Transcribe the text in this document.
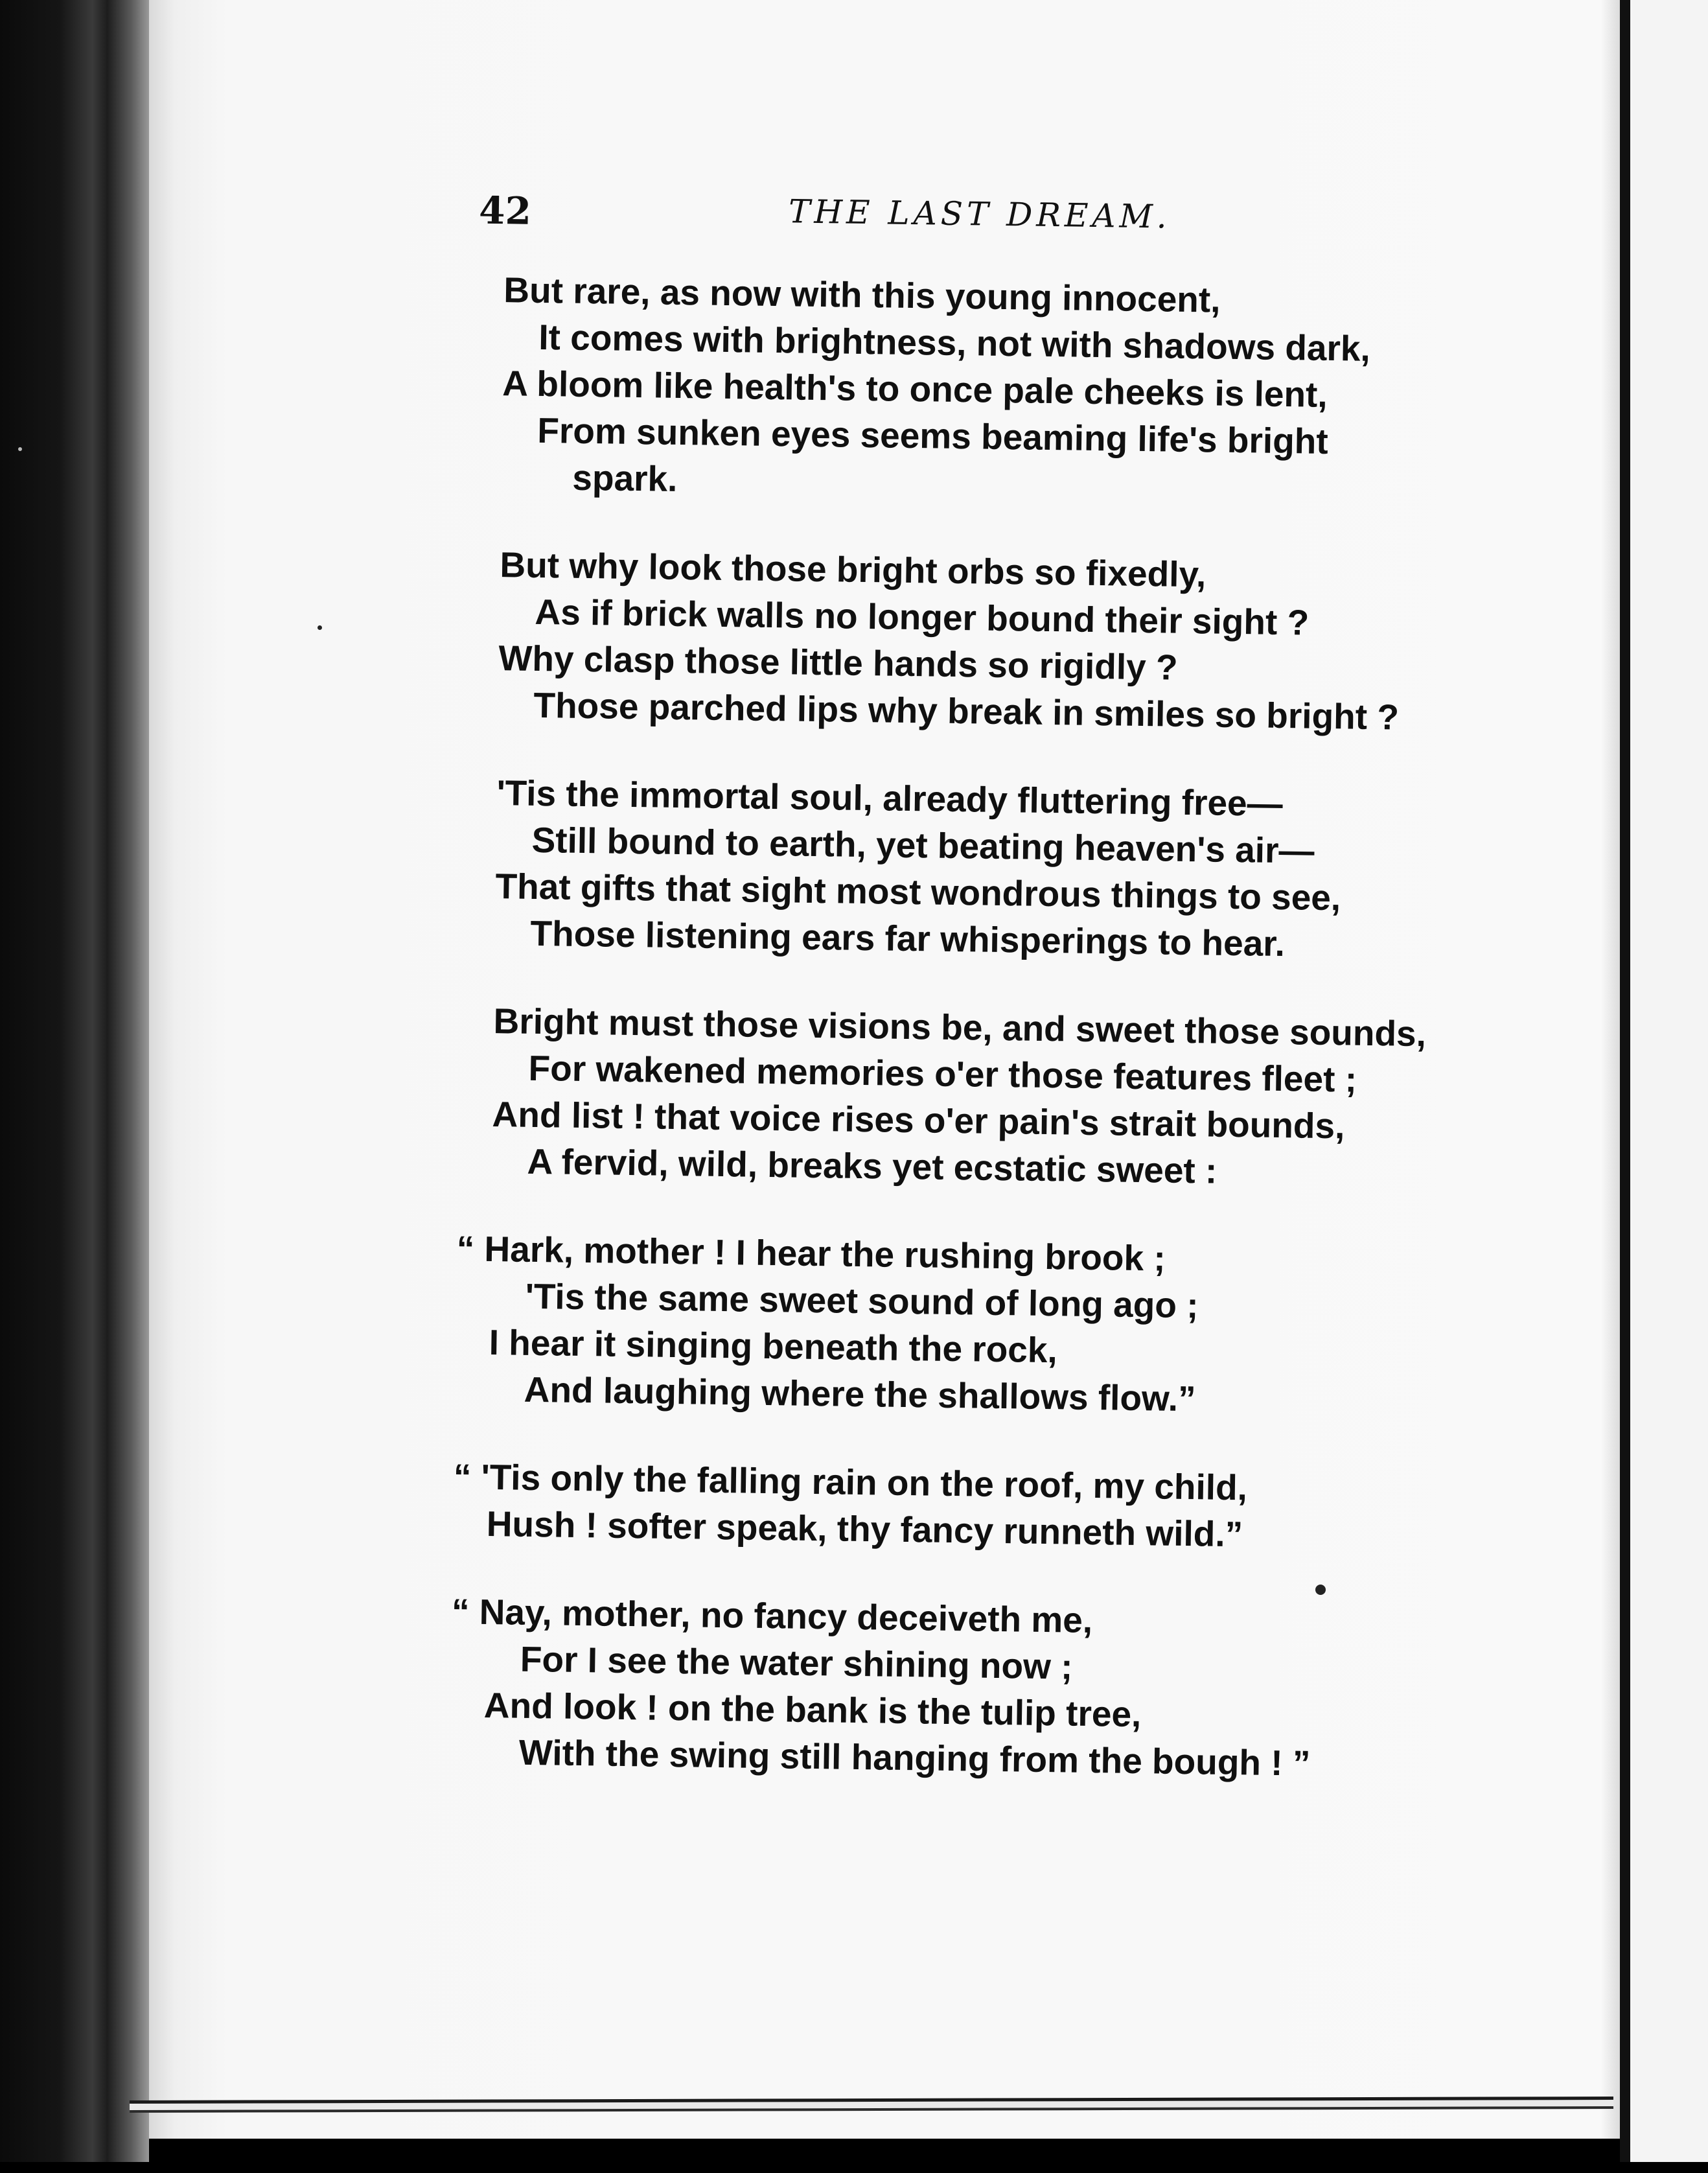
42	THE LAST DREAM.
But rare, as now with this young innocent,
It comes with brightness, not with shadows dark,
A bloom like health's to once pale cheeks is lent,
From sunken eyes seems beaming life's bright
spark.
But why look those bright orbs so fixedly,
As if brick walls no longer bound their sight ?
Why clasp those little hands so rigidly ?
Those parched lips why break in smiles so bright ?
'Tis the immortal soul, already fluttering free—
Still bound to earth, yet beating heaven's air—
That gifts that sight most wondrous things to see,
Those listening ears far whisperings to hear.
Bright must those visions be, and sweet those sounds,
For wakened memories o'er those features fleet ;
And list ! that voice rises o'er pain's strait bounds,
A fervid, wild, breaks yet ecstatic sweet :
“ Hark, mother ! I hear the rushing brook ;
'Tis the same sweet sound of long ago ;
I hear it singing beneath the rock,
And laughing where the shallows flow.”
“ 'Tis only the falling rain on the roof, my child,
Hush ! softer speak, thy fancy runneth wild.”
“ Nay, mother, no fancy deceiveth me,
For I see the water shining now ;
And look ! on the bank is the tulip tree,
With the swing still hanging from the bough ! ”
